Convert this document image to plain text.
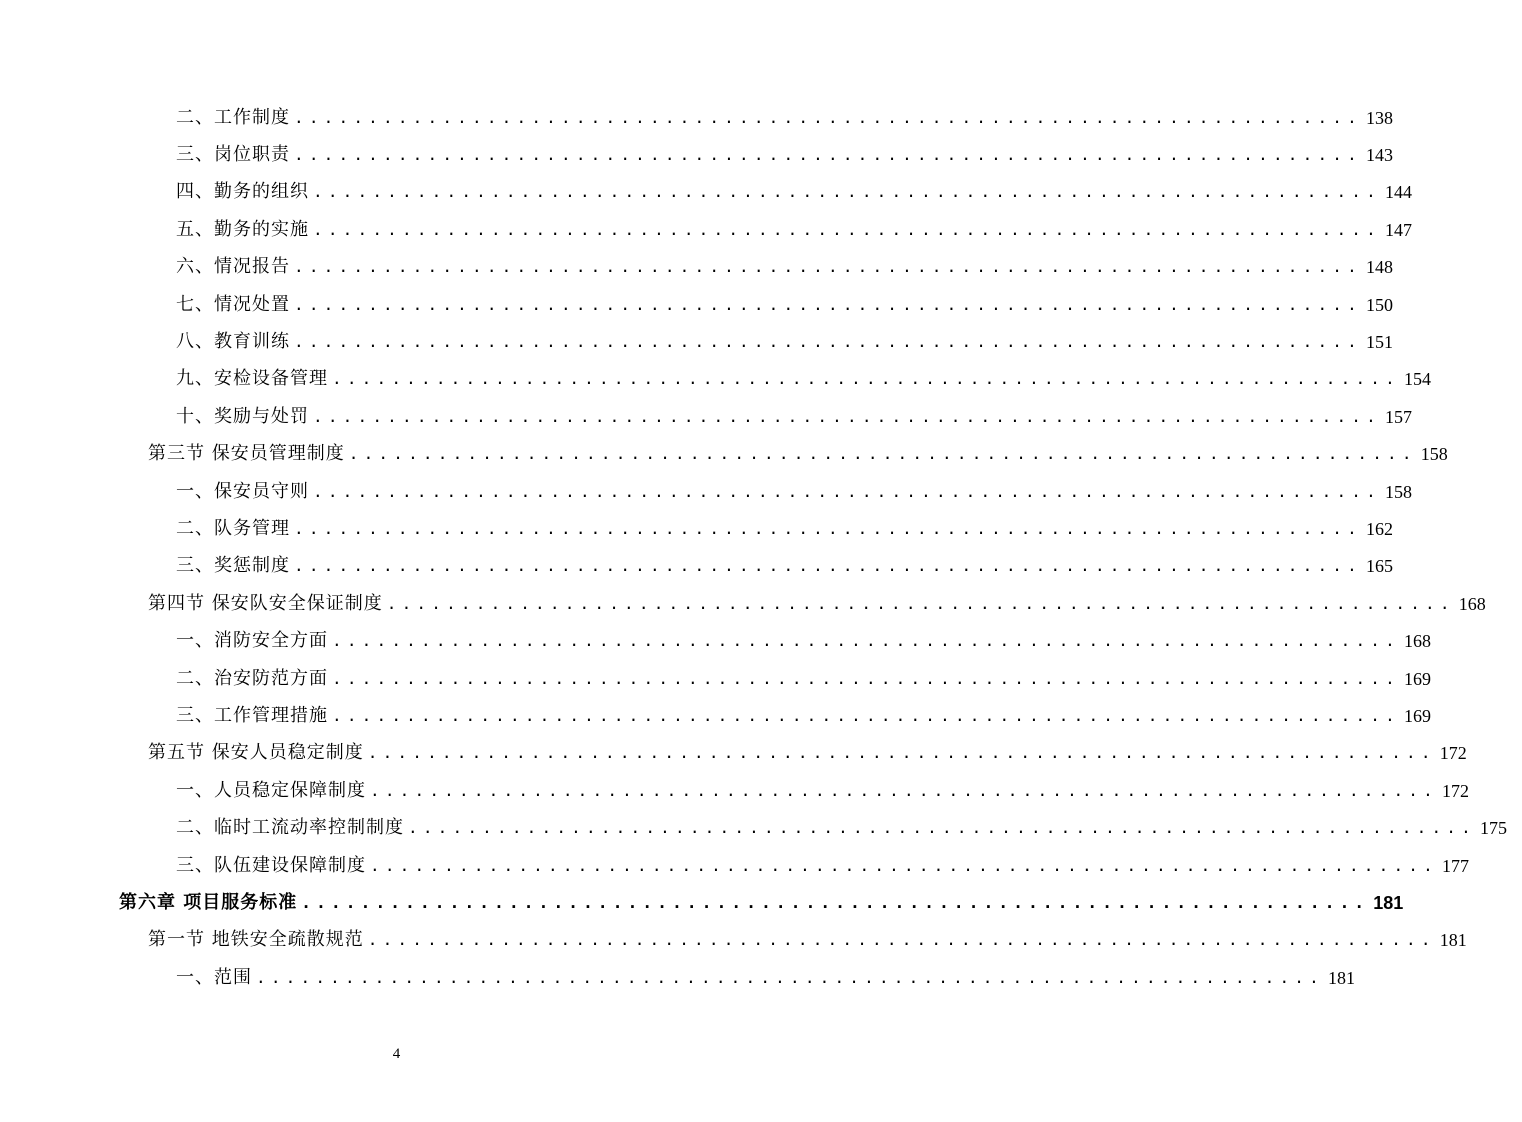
二、工作制度 ........................................................................ 138
三、岗位职责 ........................................................................ 143
四、勤务的组织 ........................................................................ 144
五、勤务的实施 ........................................................................ 147
六、情况报告 ........................................................................ 148
七、情况处置 ........................................................................ 150
八、教育训练 ........................................................................ 151
九、安检设备管理 ........................................................................ 154
十、奖励与处罚 ........................................................................ 157
第三节 保安员管理制度 ........................................................................ 158
一、保安员守则 ........................................................................ 158
二、队务管理 ........................................................................ 162
三、奖惩制度 ........................................................................ 165
第四节 保安队安全保证制度 ........................................................................ 168
一、消防安全方面 ........................................................................ 168
二、治安防范方面 ........................................................................ 169
三、工作管理措施 ........................................................................ 169
第五节 保安人员稳定制度 ........................................................................ 172
一、人员稳定保障制度 ........................................................................ 172
二、临时工流动率控制制度 ........................................................................ 175
三、队伍建设保障制度 ........................................................................ 177
第六章 项目服务标准 ........................................................................ 181
第一节 地铁安全疏散规范 ........................................................................ 181
一、范围 ........................................................................ 181
4
